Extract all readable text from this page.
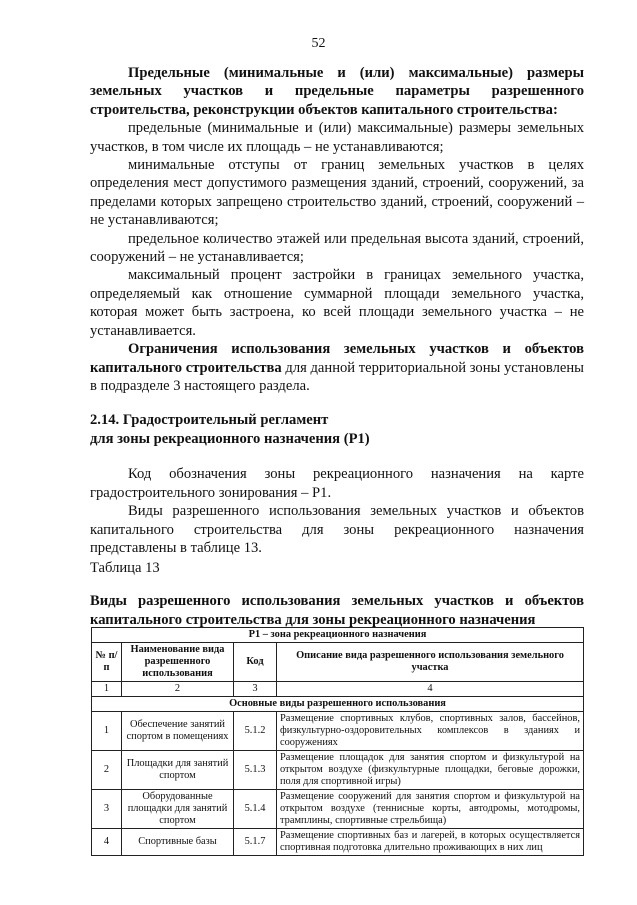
52

Предельные (минимальные и (или) максимальные) размеры земельных участков и предельные параметры разрешенного строительства, реконструкции объектов капитального строительства:

предельные (минимальные и (или) максимальные) размеры земельных участков, в том числе их площадь – не устанавливаются;

минимальные отступы от границ земельных участков в целях определения мест допустимого размещения зданий, строений, сооружений, за пределами которых запрещено строительство зданий, строений, сооружений – не устанавливаются;

предельное количество этажей или предельная высота зданий, строений, сооружений – не устанавливается;

максимальный процент застройки в границах земельного участка, определяемый как отношение суммарной площади земельного участка, которая может быть застроена, ко всей площади земельного участка – не устанавливается.

Ограничения использования земельных участков и объектов капитального строительства для данной территориальной зоны установлены в подразделе 3 настоящего раздела.

2.14. Градостроительный регламент
для зоны рекреационного назначения (Р1)

Код обозначения зоны рекреационного назначения на карте градостроительного зонирования – Р1.

Виды разрешенного использования земельных участков и объектов капитального строительства для зоны рекреационного назначения представлены в таблице 13.

Таблица 13

Виды разрешенного использования земельных участков и объектов капитального строительства для зоны рекреационного назначения

Р1 – зона рекреационного назначения			
№ п/п	Наименование вида разрешенного использования	Код	Описание вида разрешенного использования земельного участка
1	2	3	4
Основные виды разрешенного использования			
1	Обеспечение занятий спортом в помещениях	5.1.2	Размещение спортивных клубов, спортивных залов, бассейнов, физкультурно-оздоровительных комплексов в зданиях и сооружениях
2	Площадки для занятий спортом	5.1.3	Размещение площадок для занятия спортом и физкультурой на открытом воздухе (физкультурные площадки, беговые дорожки, поля для спортивной игры)
3	Оборудованные площадки для занятий спортом	5.1.4	Размещение сооружений для занятия спортом и физкультурой на открытом воздухе (теннисные корты, автодромы, мотодромы, трамплины, спортивные стрельбища)
4	Спортивные базы	5.1.7	Размещение спортивных баз и лагерей, в которых осуществляется спортивная подготовка длительно проживающих в них лиц
